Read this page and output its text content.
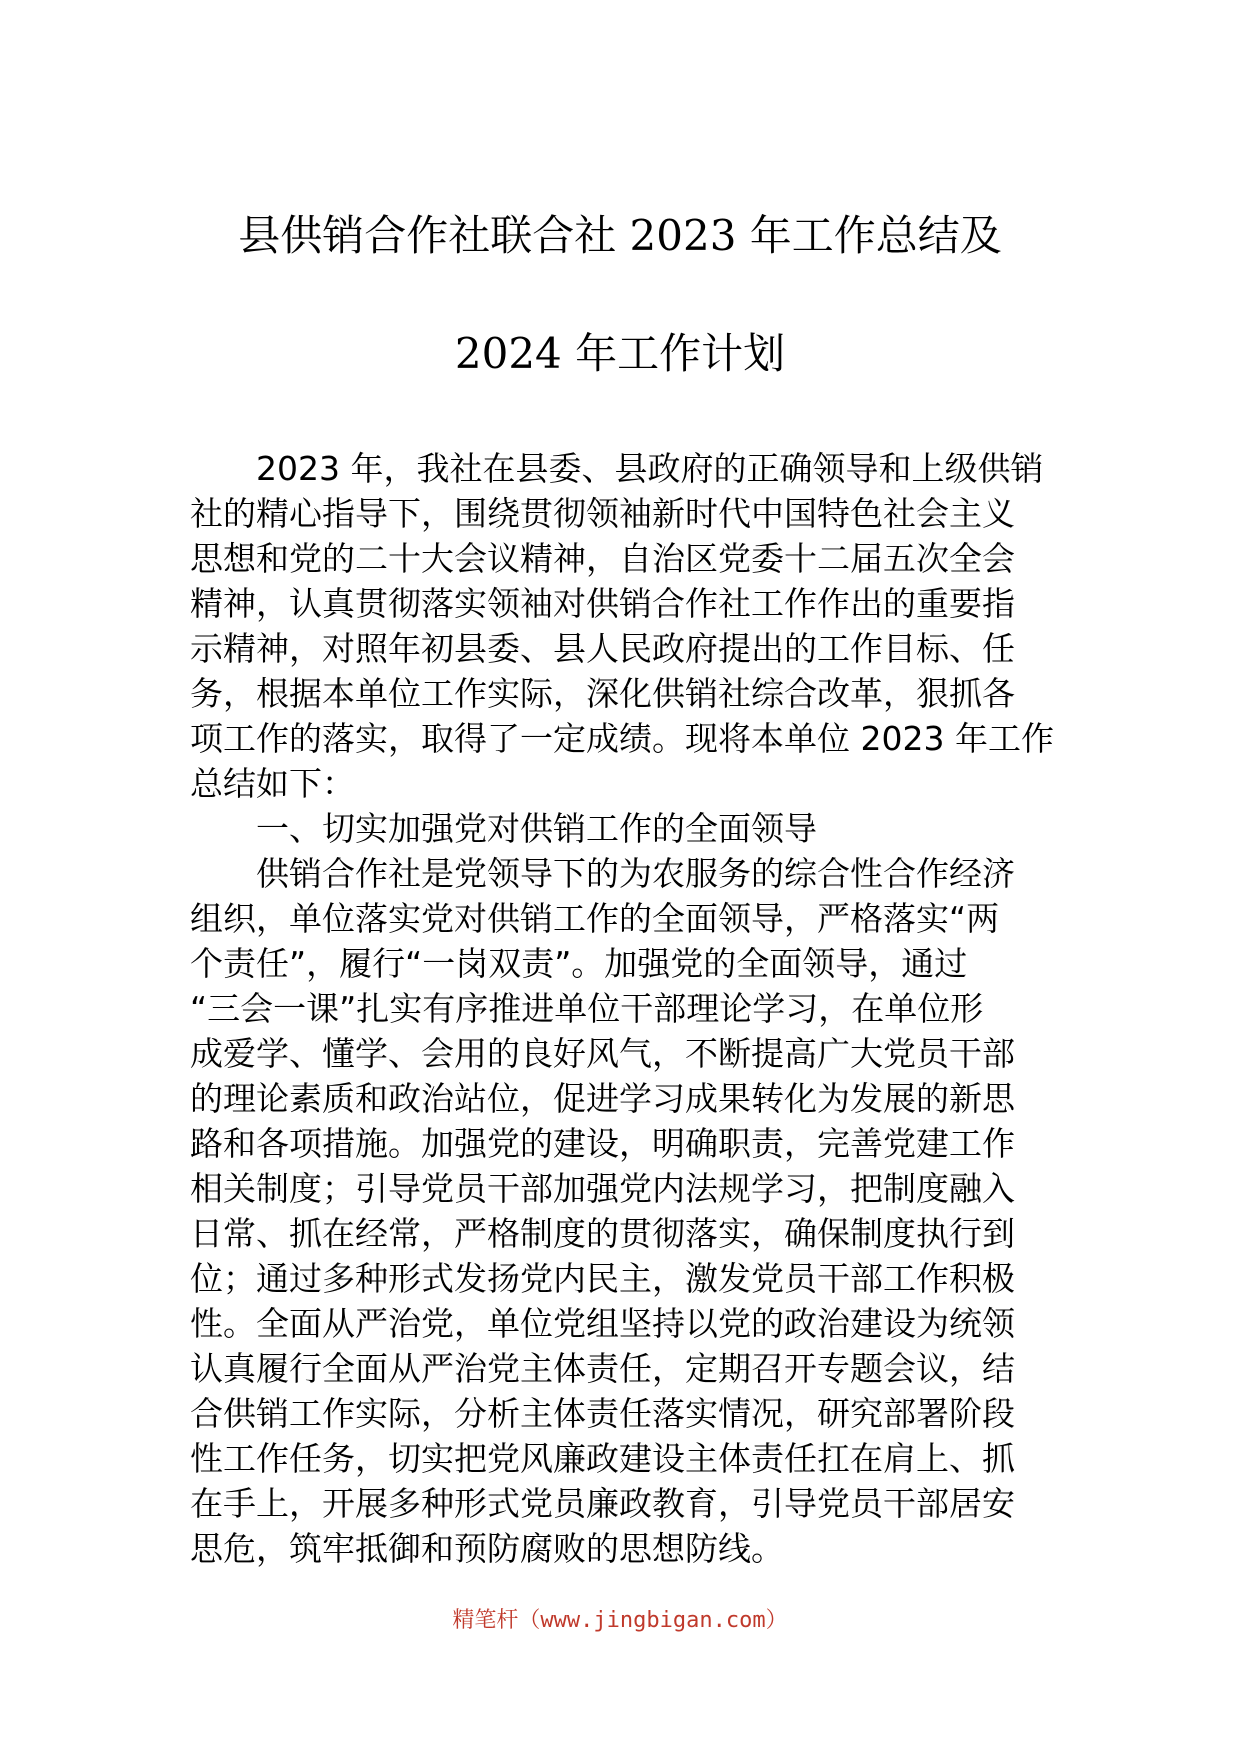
县供销合作社联合社 2023 年工作总结及
2024 年工作计划
　　2023 年，我社在县委、县政府的正确领导和上级供销
社的精心指导下，围绕贯彻领袖新时代中国特色社会主义
思想和党的二十大会议精神，自治区党委十二届五次全会
精神，认真贯彻落实领袖对供销合作社工作作出的重要指
示精神，对照年初县委、县人民政府提出的工作目标、任
务，根据本单位工作实际，深化供销社综合改革，狠抓各
项工作的落实，取得了一定成绩。现将本单位 2023 年工作
总结如下：
　　一、切实加强党对供销工作的全面领导
　　供销合作社是党领导下的为农服务的综合性合作经济
组织，单位落实党对供销工作的全面领导，严格落实“两
个责任”，履行“一岗双责”。加强党的全面领导，通过
“三会一课”扎实有序推进单位干部理论学习，在单位形
成爱学、懂学、会用的良好风气，不断提高广大党员干部
的理论素质和政治站位，促进学习成果转化为发展的新思
路和各项措施。加强党的建设，明确职责，完善党建工作
相关制度；引导党员干部加强党内法规学习，把制度融入
日常、抓在经常，严格制度的贯彻落实，确保制度执行到
位；通过多种形式发扬党内民主，激发党员干部工作积极
性。全面从严治党，单位党组坚持以党的政治建设为统领
认真履行全面从严治党主体责任，定期召开专题会议，结
合供销工作实际，分析主体责任落实情况，研究部署阶段
性工作任务，切实把党风廉政建设主体责任扛在肩上、抓
在手上，开展多种形式党员廉政教育，引导党员干部居安
思危，筑牢抵御和预防腐败的思想防线。
精笔杆（www.jingbigan.com）
